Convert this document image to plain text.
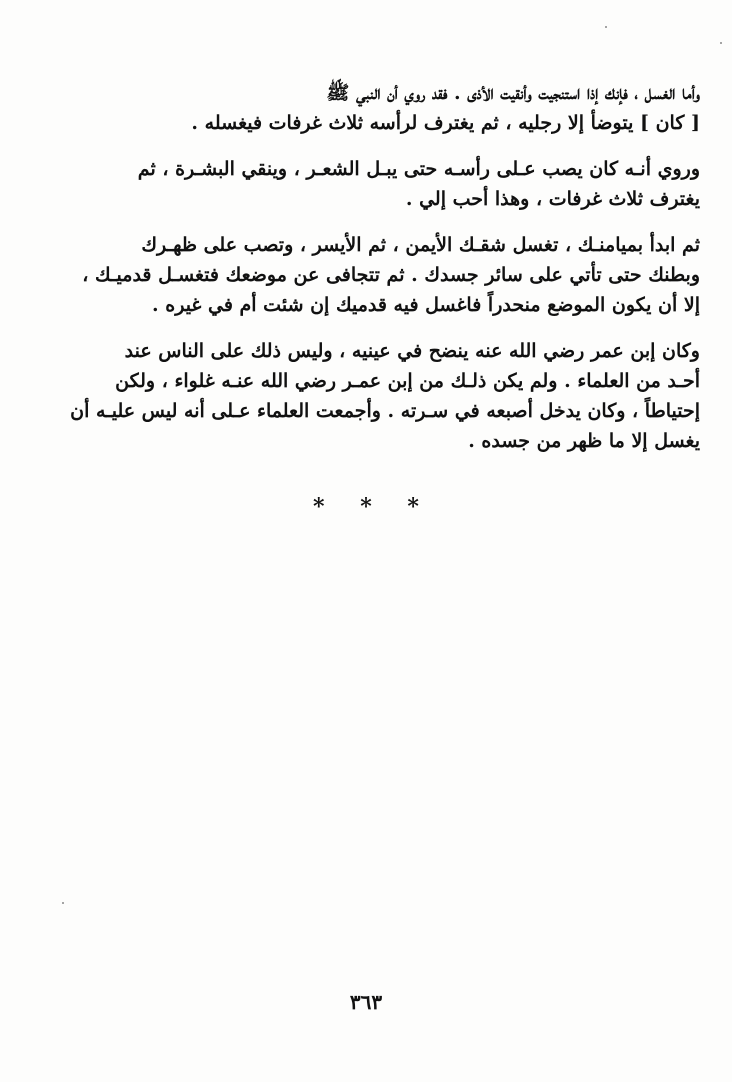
وأما الغسل ، فإنك إذا استنجيت وأنقيت الأذى . فقد روي أن النبي ﷺ
[ كان ] يتوضأ إلا رجليه ، ثم يغترف لرأسه ثلاث غرفات فيغسله .

وروي أنـه كان يصب عـلى رأسـه حتى يبـل الشعـر ، وينقي البشـرة ، ثم
يغترف ثلاث غرفات ، وهذا أحب إلي .

ثم ابدأ بميامنـك ، تغسل شقـك الأيمن ، ثم الأيسر ، وتصب على ظهـرك
وبطنك حتى تأتي على سائر جسدك . ثم تتجافى عن موضعك فتغسـل قدميـك ،
إلا أن يكون الموضع منحدراً فاغسل فيه قدميك إن شئت أم في غيره .

وكان إبن عمر رضي الله عنه ينضح في عينيه ، وليس ذلك على الناس عند
أحـد من العلماء . ولم يكن ذلـك من إبن عمـر رضي الله عنـه غلواء ، ولكن
إحتياطاً ، وكان يدخل أصبعه في سـرته . وأجمعت العلماء عـلى أنه ليس عليـه أن
يغسل إلا ما ظهر من جسده .

* * *
٣٦٣
